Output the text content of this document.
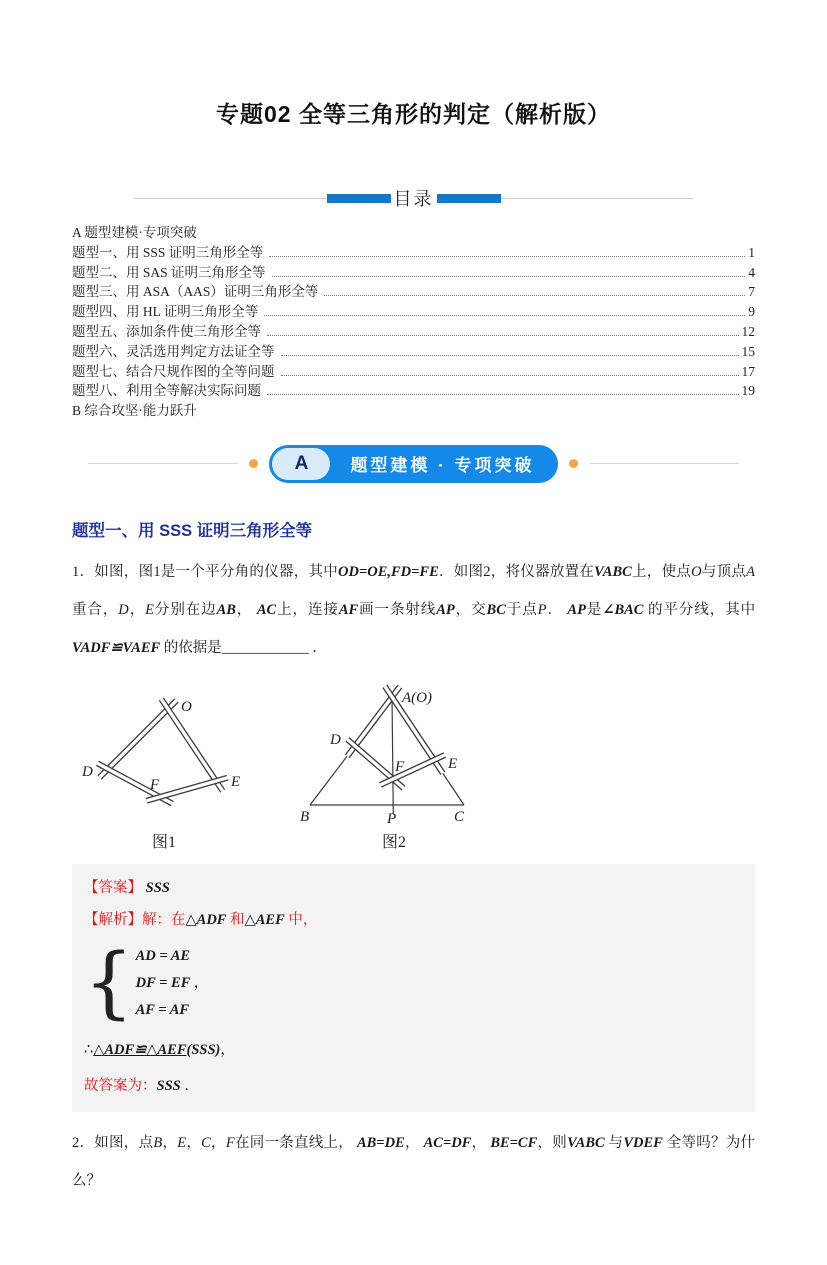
专题02 全等三角形的判定（解析版）
目录
A 题型建模·专项突破
题型一、用 SSS 证明三角形全等	1
题型二、用 SAS 证明三角形全等	4
题型三、用 ASA（AAS）证明三角形全等	7
题型四、用 HL 证明三角形全等	9
题型五、添加条件使三角形全等	12
题型六、灵活选用判定方法证全等	15
题型七、结合尺规作图的全等问题	17
题型八、利用全等解决实际问题	19
B 综合攻坚·能力跃升
A	题型建模 · 专项突破
题型一、用 SSS 证明三角形全等
1．如图，图1是一个平分角的仪器，其中OD=OE,FD=FE．如图2，将仪器放置在VABC上，使点O与顶点A重合，D，E分别在边AB， AC上，连接AF画一条射线AP，交BC于点P． AP是∠BAC 的平分线，其中VADF≌VAEF 的依据是____________ ．
O
D
F	E
图1
A(O)
D
F	E
B	P	C
图2
【答案】 SSS
【解析】解：在△ADF 和△AEF 中，
{ AD = AE
DF = EF ，
AF = AF
∴△ADF≌△AEF(SSS)，
故答案为：SSS ．
2．如图，点B，E，C，F在同一条直线上， AB=DE， AC=DF， BE=CF，则VABC 与VDEF 全等吗？为什么？
